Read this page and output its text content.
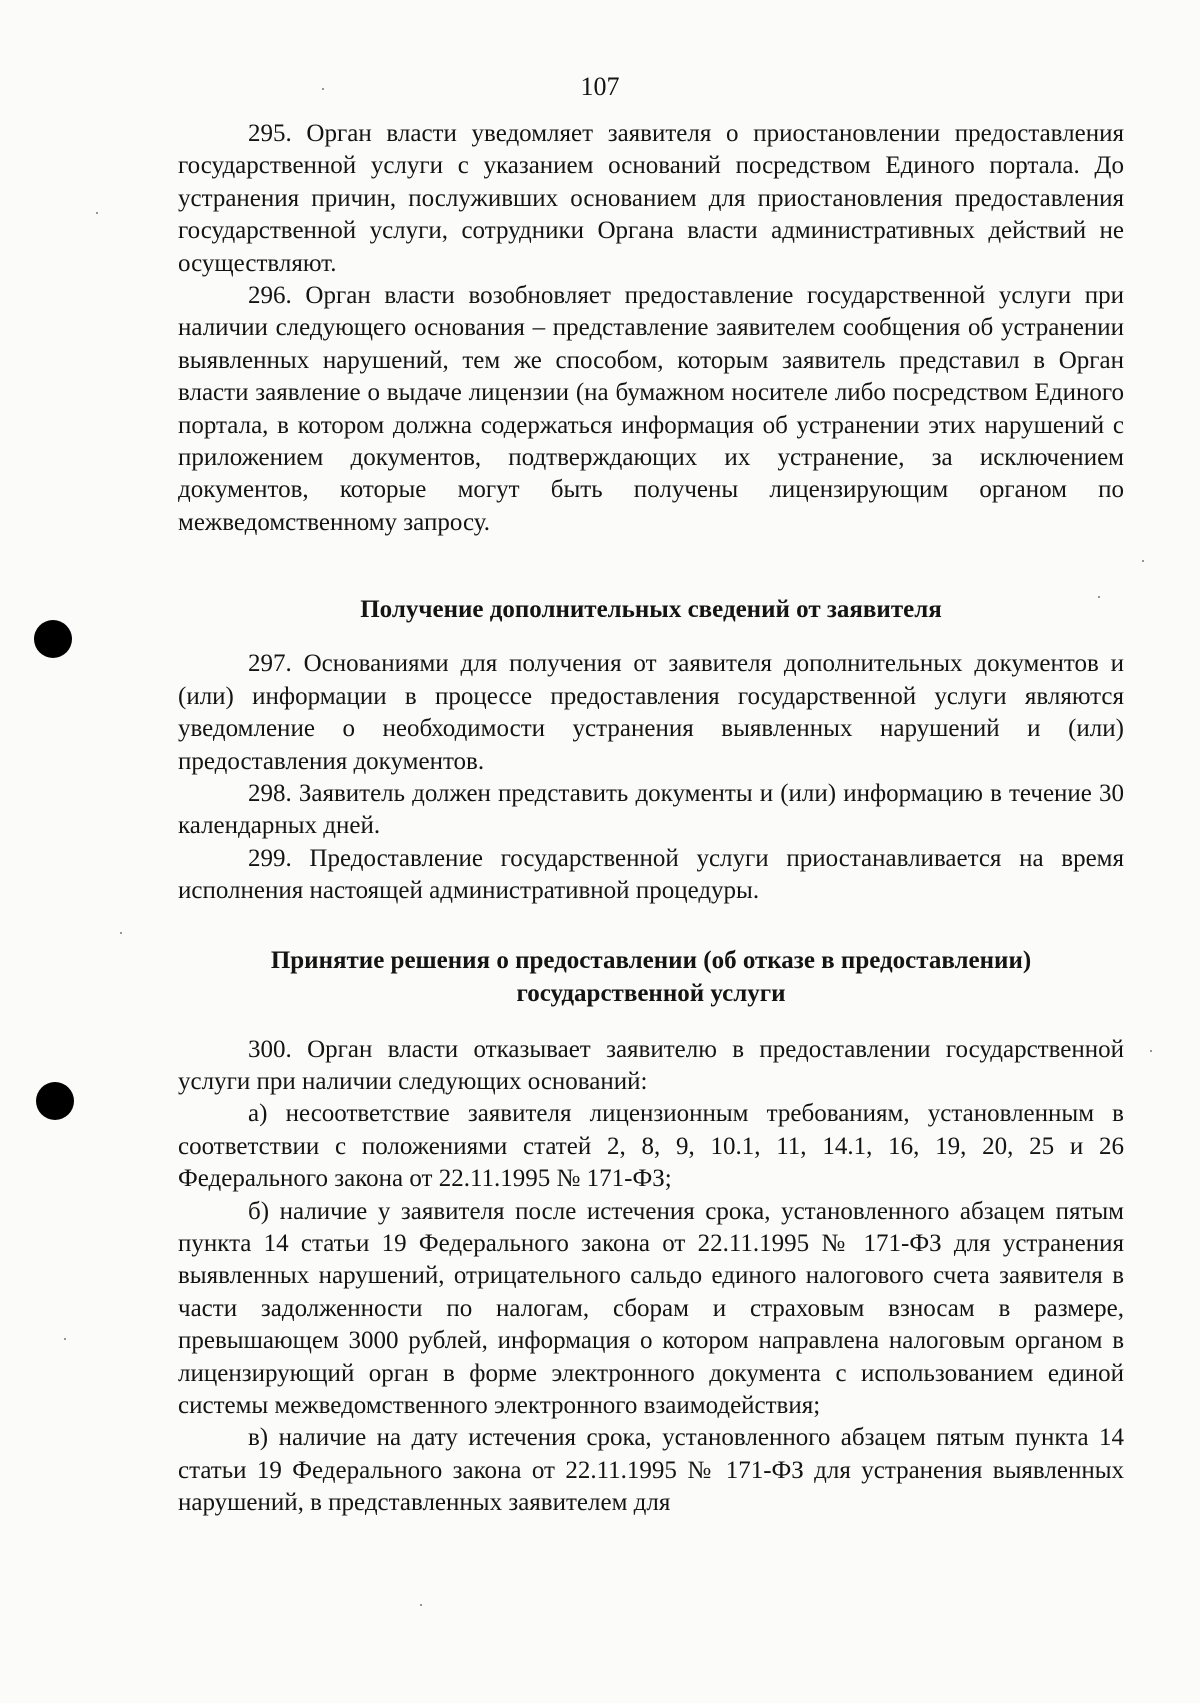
107

295. Орган власти уведомляет заявителя о приостановлении предоставления государственной услуги с указанием оснований посредством Единого портала. До устранения причин, послуживших основанием для приостановления предоставления государственной услуги, сотрудники Органа власти административных действий не осуществляют.

296. Орган власти возобновляет предоставление государственной услуги при наличии следующего основания – представление заявителем сообщения об устранении выявленных нарушений, тем же способом, которым заявитель представил в Орган власти заявление о выдаче лицензии (на бумажном носителе либо посредством Единого портала, в котором должна содержаться информация об устранении этих нарушений с приложением документов, подтверждающих их устранение, за исключением документов, которые могут быть получены лицензирующим органом по межведомственному запросу.

Получение дополнительных сведений от заявителя

297. Основаниями для получения от заявителя дополнительных документов и (или) информации в процессе предоставления государственной услуги являются уведомление о необходимости устранения выявленных нарушений и (или) предоставления документов.

298. Заявитель должен представить документы и (или) информацию в течение 30 календарных дней.

299. Предоставление государственной услуги приостанавливается на время исполнения настоящей административной процедуры.

Принятие решения о предоставлении (об отказе в предоставлении) государственной услуги

300. Орган власти отказывает заявителю в предоставлении государственной услуги при наличии следующих оснований:

а) несоответствие заявителя лицензионным требованиям, установленным в соответствии с положениями статей 2, 8, 9, 10.1, 11, 14.1, 16, 19, 20, 25 и 26 Федерального закона от 22.11.1995 № 171-ФЗ;

б) наличие у заявителя после истечения срока, установленного абзацем пятым пункта 14 статьи 19 Федерального закона от 22.11.1995 № 171-ФЗ для устранения выявленных нарушений, отрицательного сальдо единого налогового счета заявителя в части задолженности по налогам, сборам и страховым взносам в размере, превышающем 3000 рублей, информация о котором направлена налоговым органом в лицензирующий орган в форме электронного документа с использованием единой системы межведомственного электронного взаимодействия;

в) наличие на дату истечения срока, установленного абзацем пятым пункта 14 статьи 19 Федерального закона от 22.11.1995 № 171-ФЗ для устранения выявленных нарушений, в представленных заявителем для
